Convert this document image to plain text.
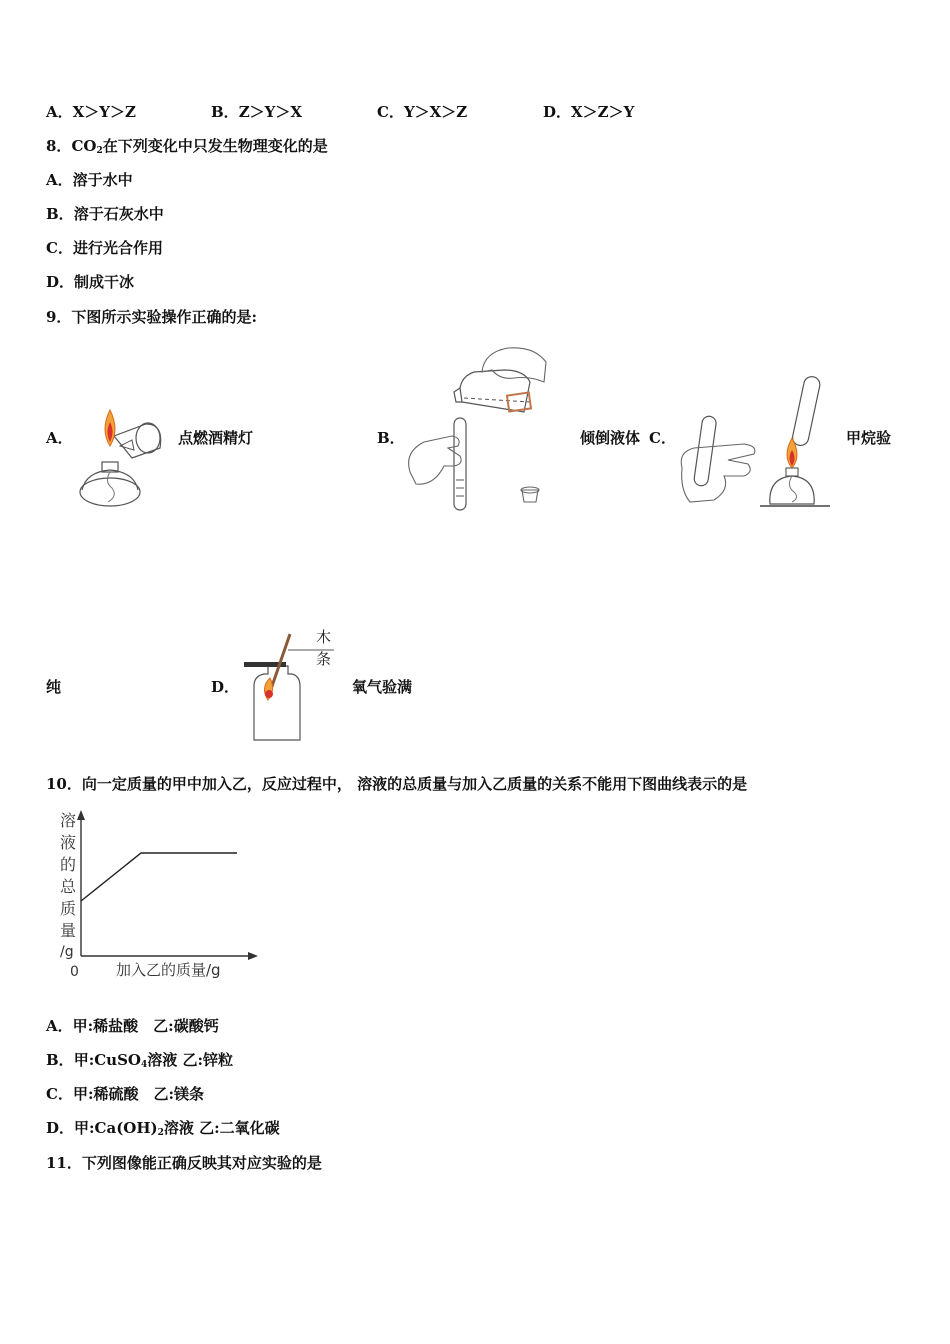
A．X＞Y＞Z	B．Z＞Y＞X	C．Y＞X＞Z	D．X＞Z＞Y
8．$CO_2$在下列变化中只发生物理变化的是
A．溶于水中
B．溶于石灰水中
C．进行光合作用
D．制成干冰
9．下图所示实验操作正确的是:
A．	点燃酒精灯	B．	倾倒液体 C．	甲烷验
纯	D．
木
条
氧气验满
10．向一定质量的甲中加入乙，反应过程中， 溶液的总质量与加入乙质量的关系不能用下图曲线表示的是
溶
液
的
总
质
量
/g
0 加入乙的质量/g
A．甲:稀盐酸　乙:碳酸钙
B．甲:CuSO$_4$溶液 乙:锌粒
C．甲:稀硫酸　乙:镁条
D．甲$:Ca(OH)_2$溶液 乙:二氧化碳
11．下列图像能正确反映其对应实验的是
